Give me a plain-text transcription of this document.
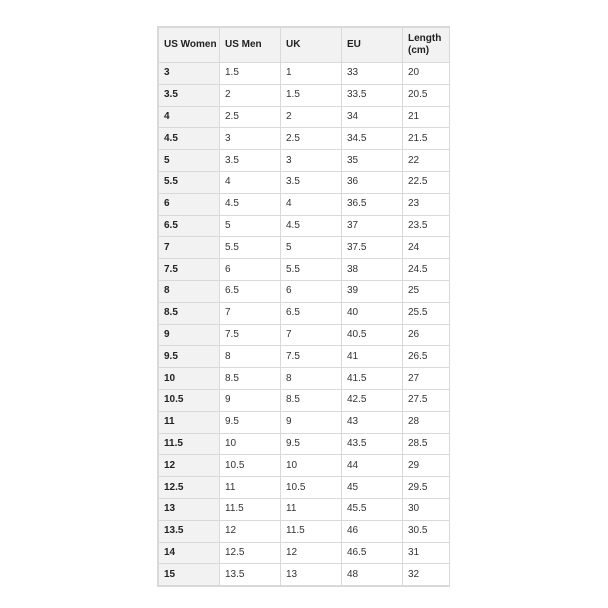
US Women	US Men	UK	EU	Length (cm)
3	1.5	1	33	20
3.5	2	1.5	33.5	20.5
4	2.5	2	34	21
4.5	3	2.5	34.5	21.5
5	3.5	3	35	22
5.5	4	3.5	36	22.5
6	4.5	4	36.5	23
6.5	5	4.5	37	23.5
7	5.5	5	37.5	24
7.5	6	5.5	38	24.5
8	6.5	6	39	25
8.5	7	6.5	40	25.5
9	7.5	7	40.5	26
9.5	8	7.5	41	26.5
10	8.5	8	41.5	27
10.5	9	8.5	42.5	27.5
11	9.5	9	43	28
11.5	10	9.5	43.5	28.5
12	10.5	10	44	29
12.5	11	10.5	45	29.5
13	11.5	11	45.5	30
13.5	12	11.5	46	30.5
14	12.5	12	46.5	31
15	13.5	13	48	32
